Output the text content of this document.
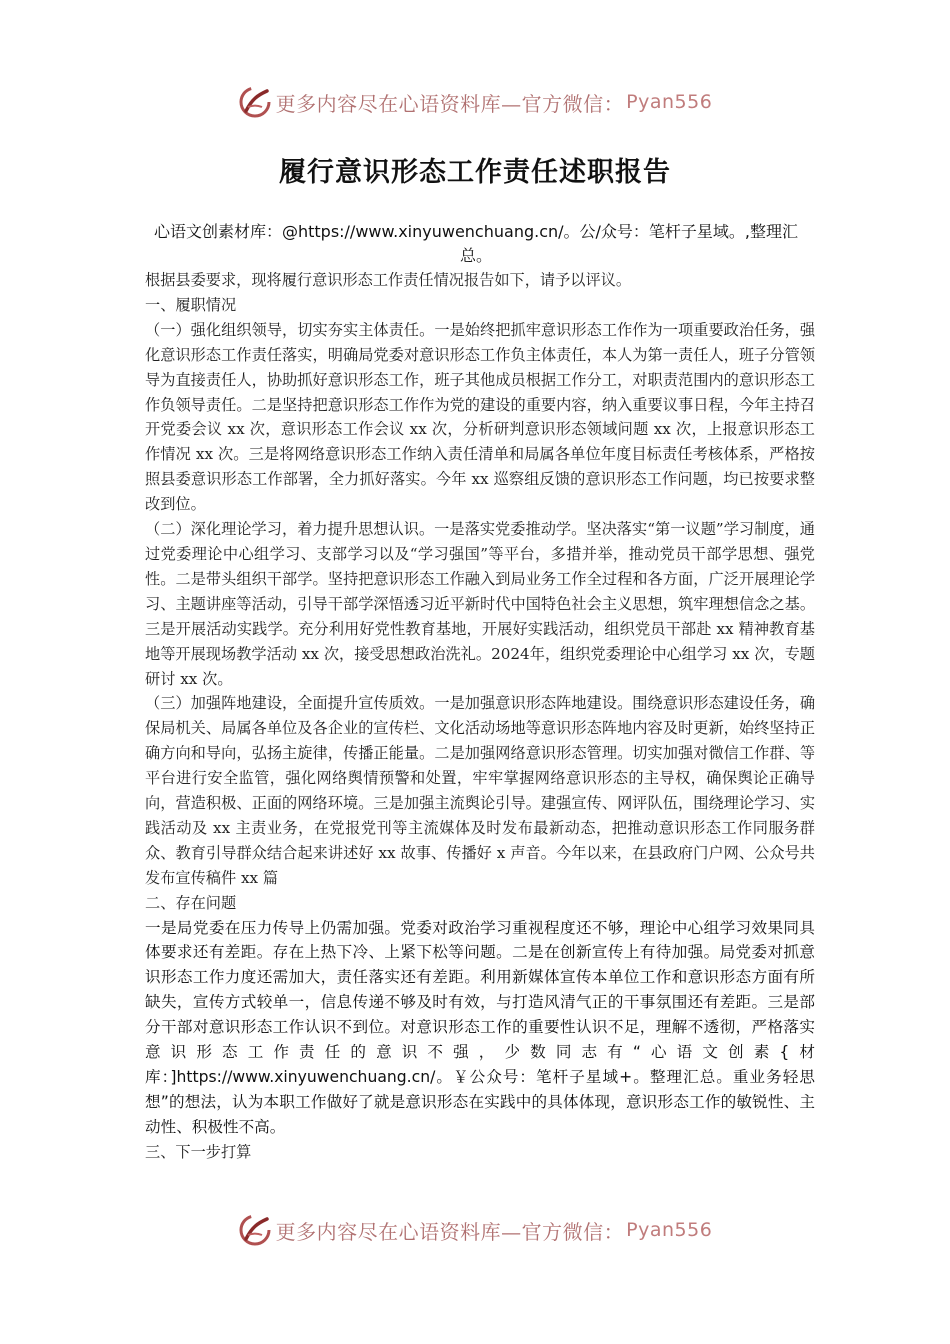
更多内容尽在心语资料库—官方微信： Pyan556
履行意识形态工作责任述职报告
心语文创素材库：@https://www.xinyuwenchuang.cn/。公/众号：笔杆子星域。,整理汇总。

根据县委要求，现将履行意识形态工作责任情况报告如下，请予以评议。

一、履职情况

（一）强化组织领导，切实夯实主体责任。一是始终把抓牢意识形态工作作为一项重要政治任务，强化意识形态工作责任落实，明确局党委对意识形态工作负主体责任，本人为第一责任人，班子分管领导为直接责任人，协助抓好意识形态工作，班子其他成员根据工作分工，对职责范围内的意识形态工作负领导责任。二是坚持把意识形态工作作为党的建设的重要内容，纳入重要议事日程，今年主持召开党委会议 xx 次，意识形态工作会议 xx 次，分析研判意识形态领域问题 xx 次，上报意识形态工作情况 xx 次。三是将网络意识形态工作纳入责任清单和局属各单位年度目标责任考核体系，严格按照县委意识形态工作部署，全力抓好落实。今年 xx 巡察组反馈的意识形态工作问题，均已按要求整改到位。

（二）深化理论学习，着力提升思想认识。一是落实党委推动学。坚决落实“第一议题”学习制度，通过党委理论中心组学习、支部学习以及“学习强国”等平台，多措并举，推动党员干部学思想、强党性。二是带头组织干部学。坚持把意识形态工作融入到局业务工作全过程和各方面，广泛开展理论学习、主题讲座等活动，引导干部学深悟透习近平新时代中国特色社会主义思想，筑牢理想信念之基。三是开展活动实践学。充分利用好党性教育基地，开展好实践活动，组织党员干部赴 xx 精神教育基地等开展现场教学活动 xx 次，接受思想政治洗礼。2024年，组织党委理论中心组学习 xx 次，专题研讨 xx 次。

（三）加强阵地建设，全面提升宣传质效。一是加强意识形态阵地建设。围绕意识形态建设任务，确保局机关、局属各单位及各企业的宣传栏、文化活动场地等意识形态阵地内容及时更新，始终坚持正确方向和导向，弘扬主旋律，传播正能量。二是加强网络意识形态管理。切实加强对微信工作群、等平台进行安全监管，强化网络舆情预警和处置，牢牢掌握网络意识形态的主导权，确保舆论正确导向，营造积极、正面的网络环境。三是加强主流舆论引导。建强宣传、网评队伍，围绕理论学习、实践活动及 xx 主责业务，在党报党刊等主流媒体及时发布最新动态，把推动意识形态工作同服务群众、教育引导群众结合起来讲述好 xx 故事、传播好 x 声音。今年以来，在县政府门户网、公众号共发布宣传稿件 xx 篇

二、存在问题

一是局党委在压力传导上仍需加强。党委对政治学习重视程度还不够，理论中心组学习效果同具体要求还有差距。存在上热下冷、上紧下松等问题。二是在创新宣传上有待加强。局党委对抓意识形态工作力度还需加大，责任落实还有差距。利用新媒体宣传本单位工作和意识形态方面有所缺失，宣传方式较单一，信息传递不够及时有效，与打造风清气正的干事氛围还有差距。三是部分干部对意识形态工作认识不到位。对意识形态工作的重要性认识不足，理解不透彻，严格落实意识形态工作责任的意识不强，少数同志有“心语文创素{材库：]https://www.xinyuwenchuang.cn/。￥公众号：笔杆子星域+。整理汇总。重业务轻思想”的想法，认为本职工作做好了就是意识形态在实践中的具体体现，意识形态工作的敏锐性、主动性、积极性不高。

三、下一步打算

更多内容尽在心语资料库—官方微信： Pyan556
